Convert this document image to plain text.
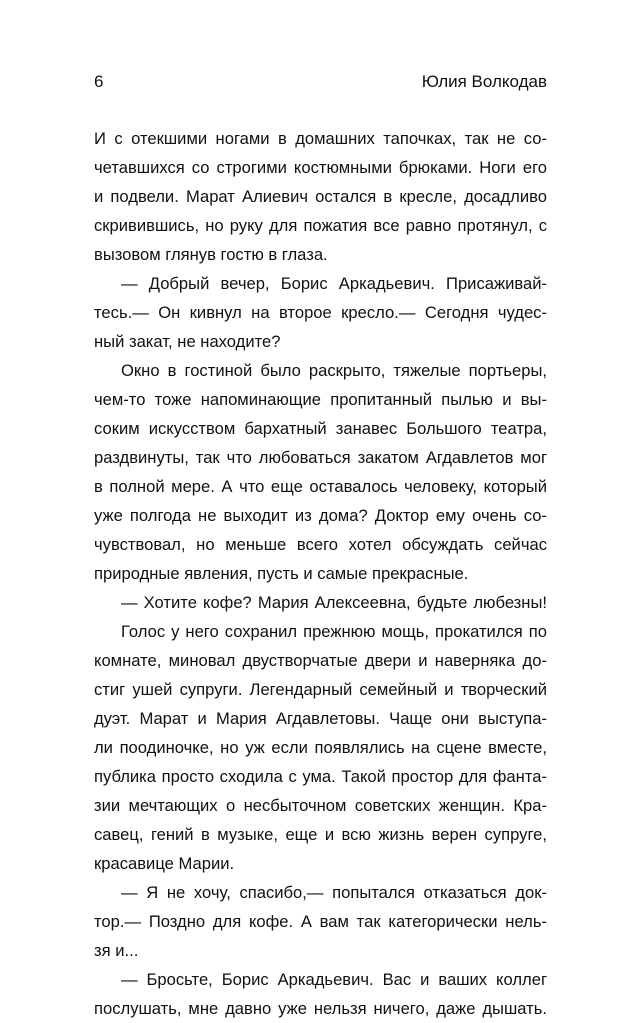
6	Юлия Волкодав
И с отекшими ногами в домашних тапочках, так не со-
четавшихся со строгими костюмными брюками. Ноги его
и подвели. Марат Алиевич остался в кресле, досадливо
скривившись, но руку для пожатия все равно протянул, с
вызовом глянув гостю в глаза.
— Добрый вечер, Борис Аркадьевич. Присаживай-
тесь.— Он кивнул на второе кресло.— Сегодня чудес-
ный закат, не находите?
Окно в гостиной было раскрыто, тяжелые портьеры,
чем-то тоже напоминающие пропитанный пылью и вы-
соким искусством бархатный занавес Большого театра,
раздвинуты, так что любоваться закатом Агдавлетов мог
в полной мере. А что еще оставалось человеку, который
уже полгода не выходит из дома? Доктор ему очень со-
чувствовал, но меньше всего хотел обсуждать сейчас
природные явления, пусть и самые прекрасные.
— Хотите кофе? Мария Алексеевна, будьте любезны!
Голос у него сохранил прежнюю мощь, прокатился по
комнате, миновал двустворчатые двери и наверняка до-
стиг ушей супруги. Легендарный семейный и творческий
дуэт. Марат и Мария Агдавлетовы. Чаще они выступа-
ли поодиночке, но уж если появлялись на сцене вместе,
публика просто сходила с ума. Такой простор для фанта-
зии мечтающих о несбыточном советских женщин. Кра-
савец, гений в музыке, еще и всю жизнь верен супруге,
красавице Марии.
— Я не хочу, спасибо,— попытался отказаться док-
тор.— Поздно для кофе. А вам так категорически нель-
зя и...
— Бросьте, Борис Аркадьевич. Вас и ваших коллег
послушать, мне давно уже нельзя ничего, даже дышать.
